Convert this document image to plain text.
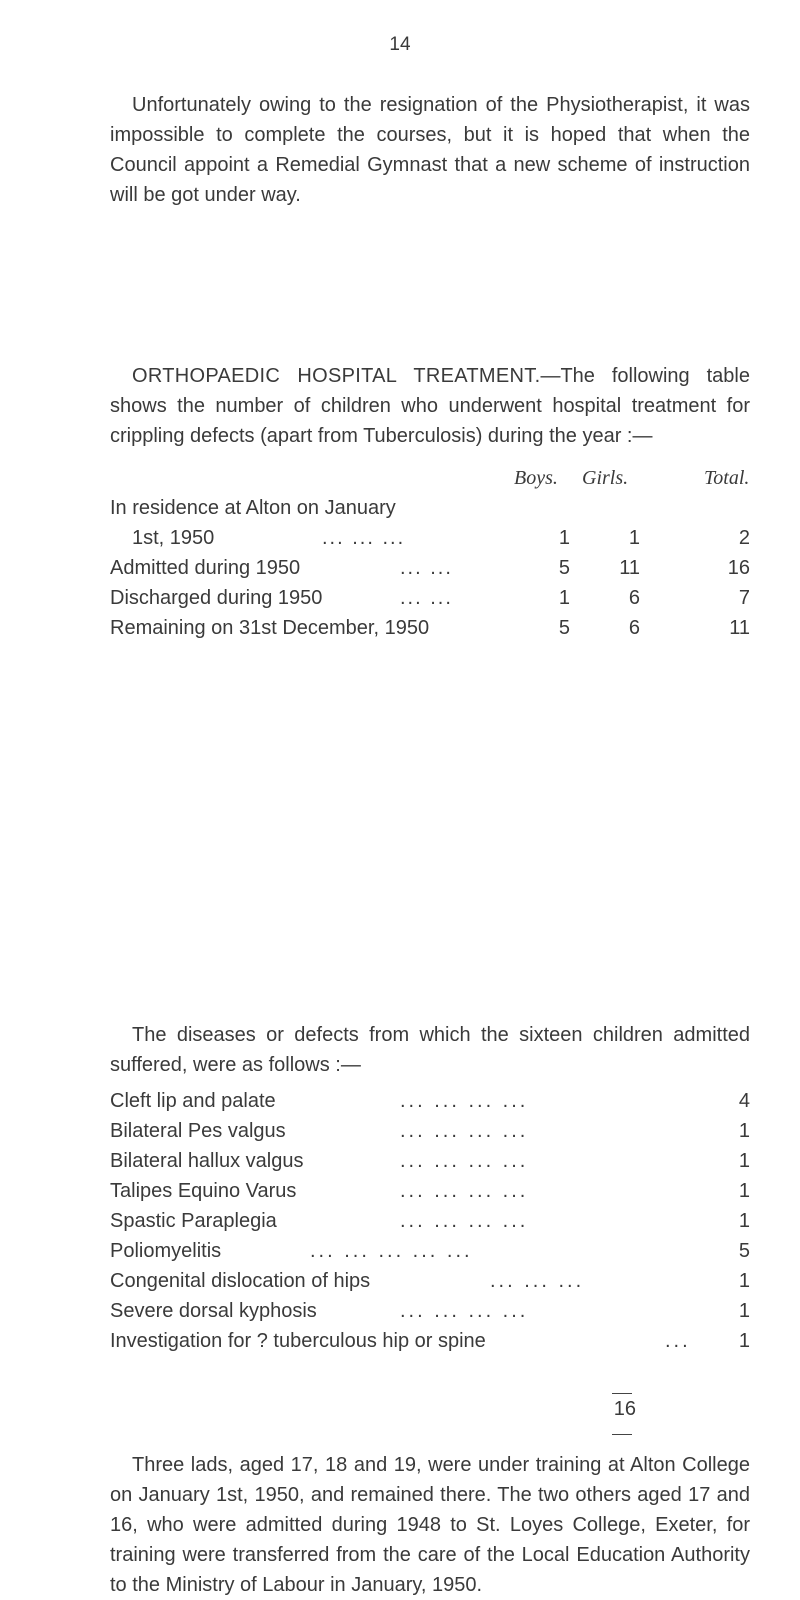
14

Unfortunately owing to the resignation of the Physiotherapist, it was impossible to complete the courses, but it is hoped that when the Council appoint a Remedial Gymnast that a new scheme of instruction will be got under way.

ORTHOPAEDIC HOSPITAL TREATMENT.—The following table shows the number of children who underwent hospital treatment for crippling defects (apart from Tuberculosis) during the year :—

Boys. Girls.	Total.
In residence at Alton on January
1st, 1950	... ... ...	1	1	2
Admitted during 1950	... ...	5	11	16
Discharged during 1950	... ...	1	6	7
Remaining on 31st December, 1950	5	6	11

The diseases or defects from which the sixteen children admitted suffered, were as follows :—

Cleft lip and palate	... ... ... ...	4
Bilateral Pes valgus	... ... ... ...	1
Bilateral hallux valgus	... ... ... ...	1
Talipes Equino Varus	... ... ... ...	1
Spastic Paraplegia	... ... ... ...	1
Poliomyelitis	... ... ... ... ...	5
Congenital dislocation of hips	... ... ...	1
Severe dorsal kyphosis	... ... ... ...	1
Investigation for ? tuberculous hip or spine	...	1
16

Three lads, aged 17, 18 and 19, were under training at Alton College on January 1st, 1950, and remained there. The two others aged 17 and 16, who were admitted during 1948 to St. Loyes College, Exeter, for training were transferred from the care of the Local Education Authority to the Ministry of Labour in January, 1950.
